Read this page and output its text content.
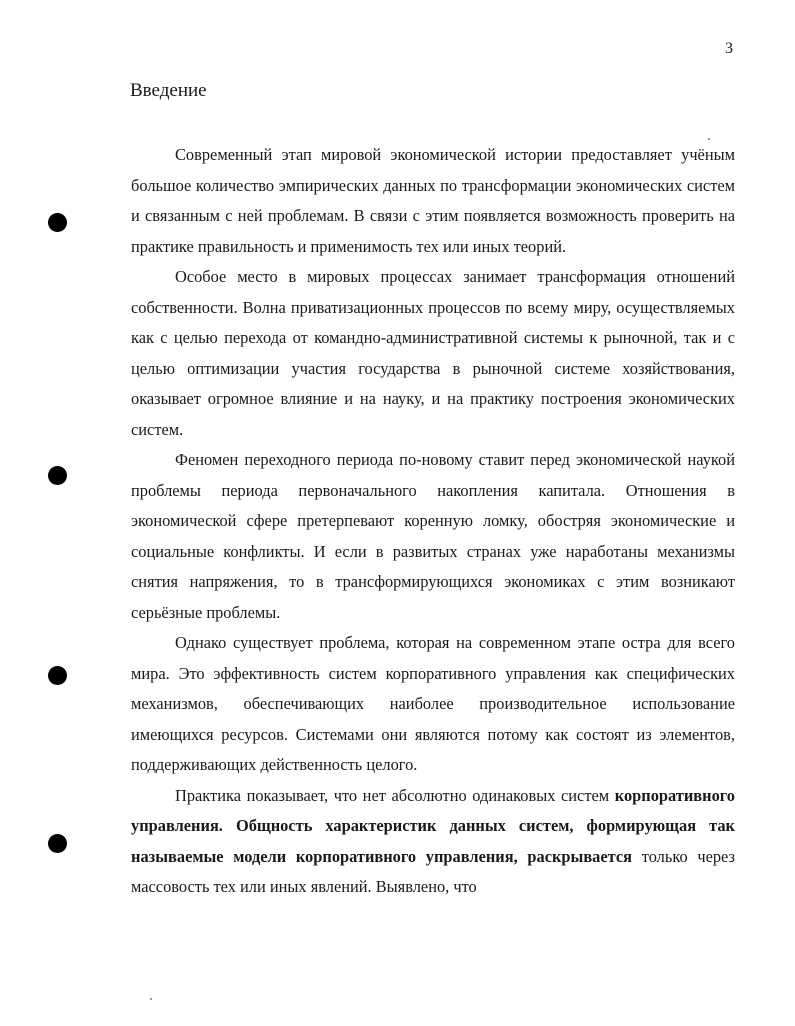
3
Введение

Современный этап мировой экономической истории предоставляет учёным большое количество эмпирических данных по трансформации экономических систем и связанным с ней проблемам. В связи с этим появляется возможность проверить на практике правильность и применимость тех или иных теорий.

Особое место в мировых процессах занимает трансформация отношений собственности. Волна приватизационных процессов по всему миру, осуществляемых как с целью перехода от командно-административной системы к рыночной, так и с целью оптимизации участия государства в рыночной системе хозяйствования, оказывает огромное влияние и на науку, и на практику построения экономических систем.

Феномен переходного периода по-новому ставит перед экономической наукой проблемы периода первоначального накопления капитала. Отношения в экономической сфере претерпевают коренную ломку, обостряя экономические и социальные конфликты. И если в развитых странах уже наработаны механизмы снятия напряжения, то в трансформирующихся экономиках с этим возникают серьёзные проблемы.

Однако существует проблема, которая на современном этапе остра для всего мира. Это эффективность систем корпоративного управления как специфических механизмов, обеспечивающих наиболее производительное использование имеющихся ресурсов. Системами они являются потому как состоят из элементов, поддерживающих действенность целого.

Практика показывает, что нет абсолютно одинаковых систем корпоративного управления. Общность характеристик данных систем, формирующая так называемые модели корпоративного управления, раскрывается только через массовость тех или иных явлений. Выявлено, что
